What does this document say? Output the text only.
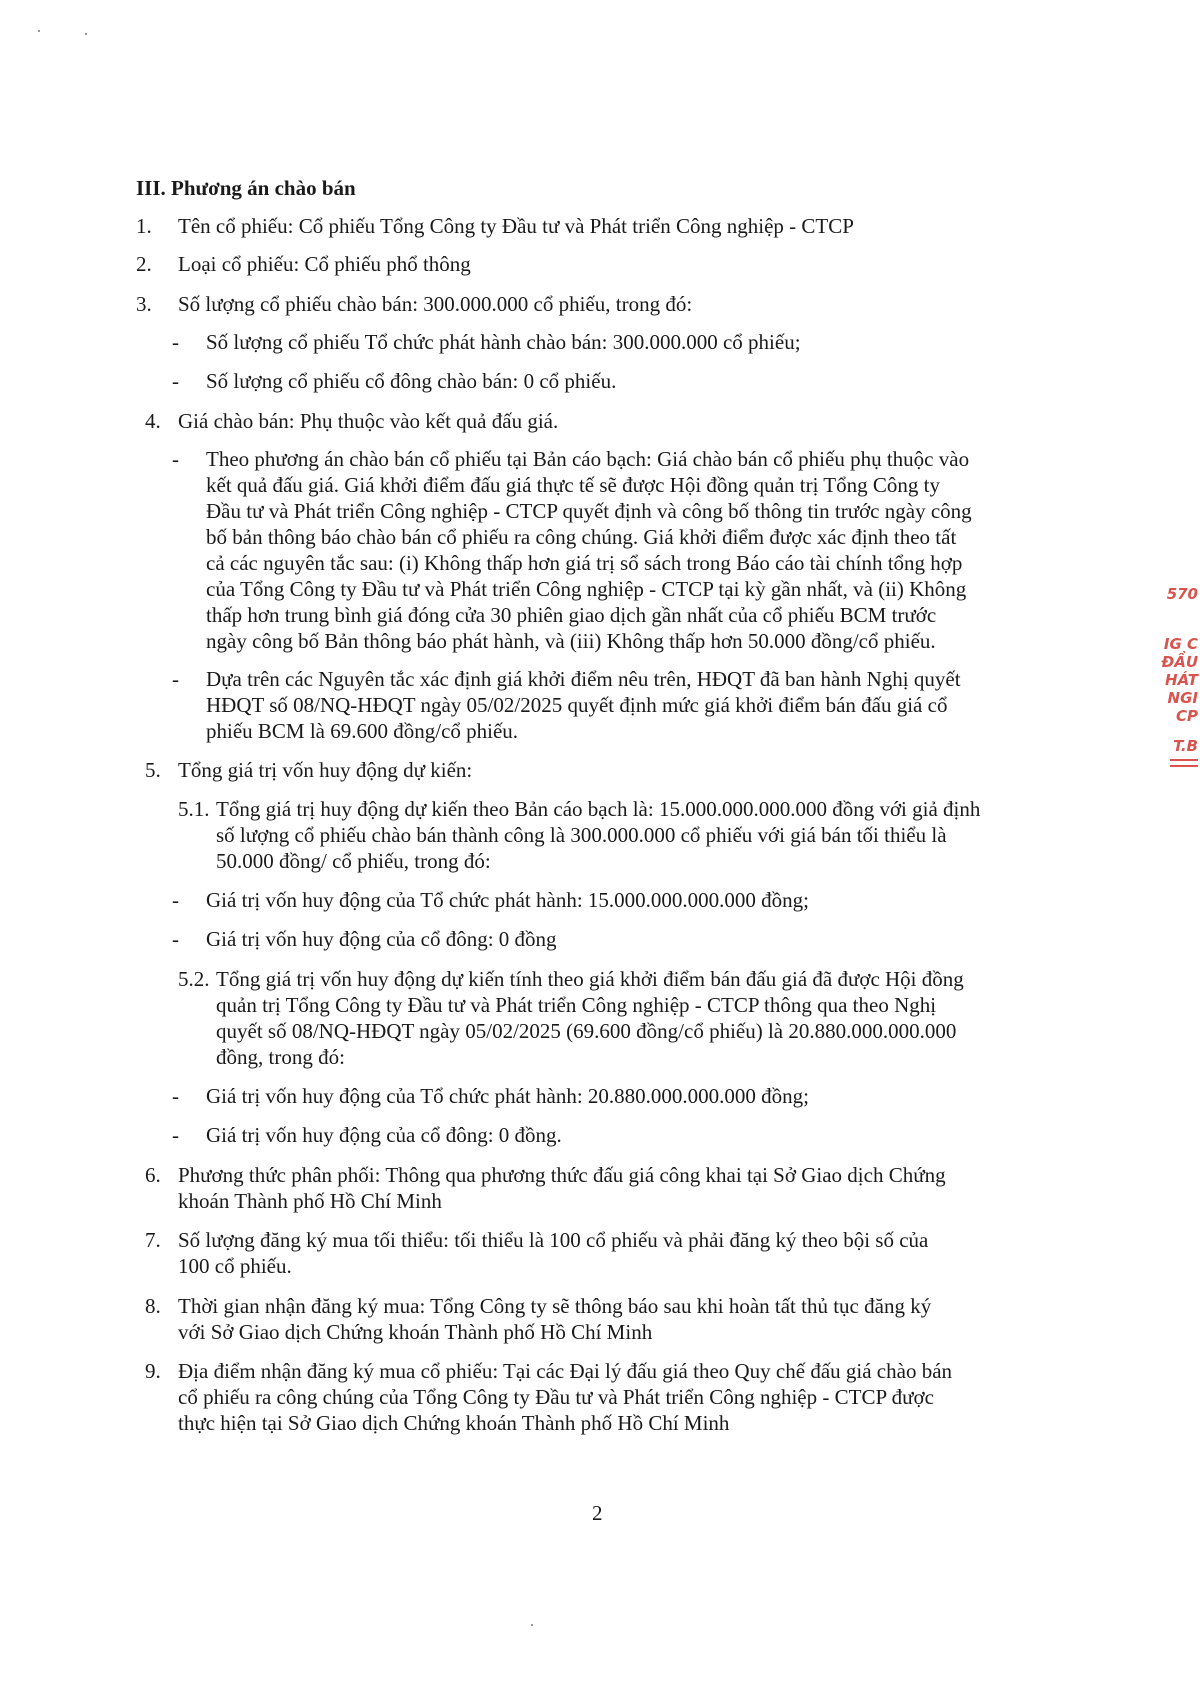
III. Phương án chào bán
1. Tên cổ phiếu: Cổ phiếu Tổng Công ty Đầu tư và Phát triển Công nghiệp - CTCP
2. Loại cổ phiếu: Cổ phiếu phổ thông
3. Số lượng cổ phiếu chào bán: 300.000.000 cổ phiếu, trong đó:
- Số lượng cổ phiếu Tổ chức phát hành chào bán: 300.000.000 cổ phiếu;
- Số lượng cổ phiếu cổ đông chào bán: 0 cổ phiếu.
4. Giá chào bán: Phụ thuộc vào kết quả đấu giá.
- Theo phương án chào bán cổ phiếu tại Bản cáo bạch: Giá chào bán cổ phiếu phụ thuộc vào
kết quả đấu giá. Giá khởi điểm đấu giá thực tế sẽ được Hội đồng quản trị Tổng Công ty
Đầu tư và Phát triển Công nghiệp - CTCP quyết định và công bố thông tin trước ngày công
bố bản thông báo chào bán cổ phiếu ra công chúng. Giá khởi điểm được xác định theo tất
cả các nguyên tắc sau: (i) Không thấp hơn giá trị sổ sách trong Báo cáo tài chính tổng hợp
của Tổng Công ty Đầu tư và Phát triển Công nghiệp - CTCP tại kỳ gần nhất, và (ii) Không
thấp hơn trung bình giá đóng cửa 30 phiên giao dịch gần nhất của cổ phiếu BCM trước
ngày công bố Bản thông báo phát hành, và (iii) Không thấp hơn 50.000 đồng/cổ phiếu.
- Dựa trên các Nguyên tắc xác định giá khởi điểm nêu trên, HĐQT đã ban hành Nghị quyết
HĐQT số 08/NQ-HĐQT ngày 05/02/2025 quyết định mức giá khởi điểm bán đấu giá cổ
phiếu BCM là 69.600 đồng/cổ phiếu.
5. Tổng giá trị vốn huy động dự kiến:
5.1. Tổng giá trị huy động dự kiến theo Bản cáo bạch là: 15.000.000.000.000 đồng với giả định
số lượng cổ phiếu chào bán thành công là 300.000.000 cổ phiếu với giá bán tối thiểu là
50.000 đồng/ cổ phiếu, trong đó:
- Giá trị vốn huy động của Tổ chức phát hành: 15.000.000.000.000 đồng;
- Giá trị vốn huy động của cổ đông: 0 đồng
5.2. Tổng giá trị vốn huy động dự kiến tính theo giá khởi điểm bán đấu giá đã được Hội đồng
quản trị Tổng Công ty Đầu tư và Phát triển Công nghiệp - CTCP thông qua theo Nghị
quyết số 08/NQ-HĐQT ngày 05/02/2025 (69.600 đồng/cổ phiếu) là 20.880.000.000.000
đồng, trong đó:
- Giá trị vốn huy động của Tổ chức phát hành: 20.880.000.000.000 đồng;
- Giá trị vốn huy động của cổ đông: 0 đồng.
6. Phương thức phân phối: Thông qua phương thức đấu giá công khai tại Sở Giao dịch Chứng
khoán Thành phố Hồ Chí Minh
7. Số lượng đăng ký mua tối thiểu: tối thiểu là 100 cổ phiếu và phải đăng ký theo bội số của
100 cổ phiếu.
8. Thời gian nhận đăng ký mua: Tổng Công ty sẽ thông báo sau khi hoàn tất thủ tục đăng ký
với Sở Giao dịch Chứng khoán Thành phố Hồ Chí Minh
9. Địa điểm nhận đăng ký mua cổ phiếu: Tại các Đại lý đấu giá theo Quy chế đấu giá chào bán
cổ phiếu ra công chúng của Tổng Công ty Đầu tư và Phát triển Công nghiệp - CTCP được
thực hiện tại Sở Giao dịch Chứng khoán Thành phố Hồ Chí Minh
2
570
IG C
ĐẦU
HÁT
NGI
CP
T.B
